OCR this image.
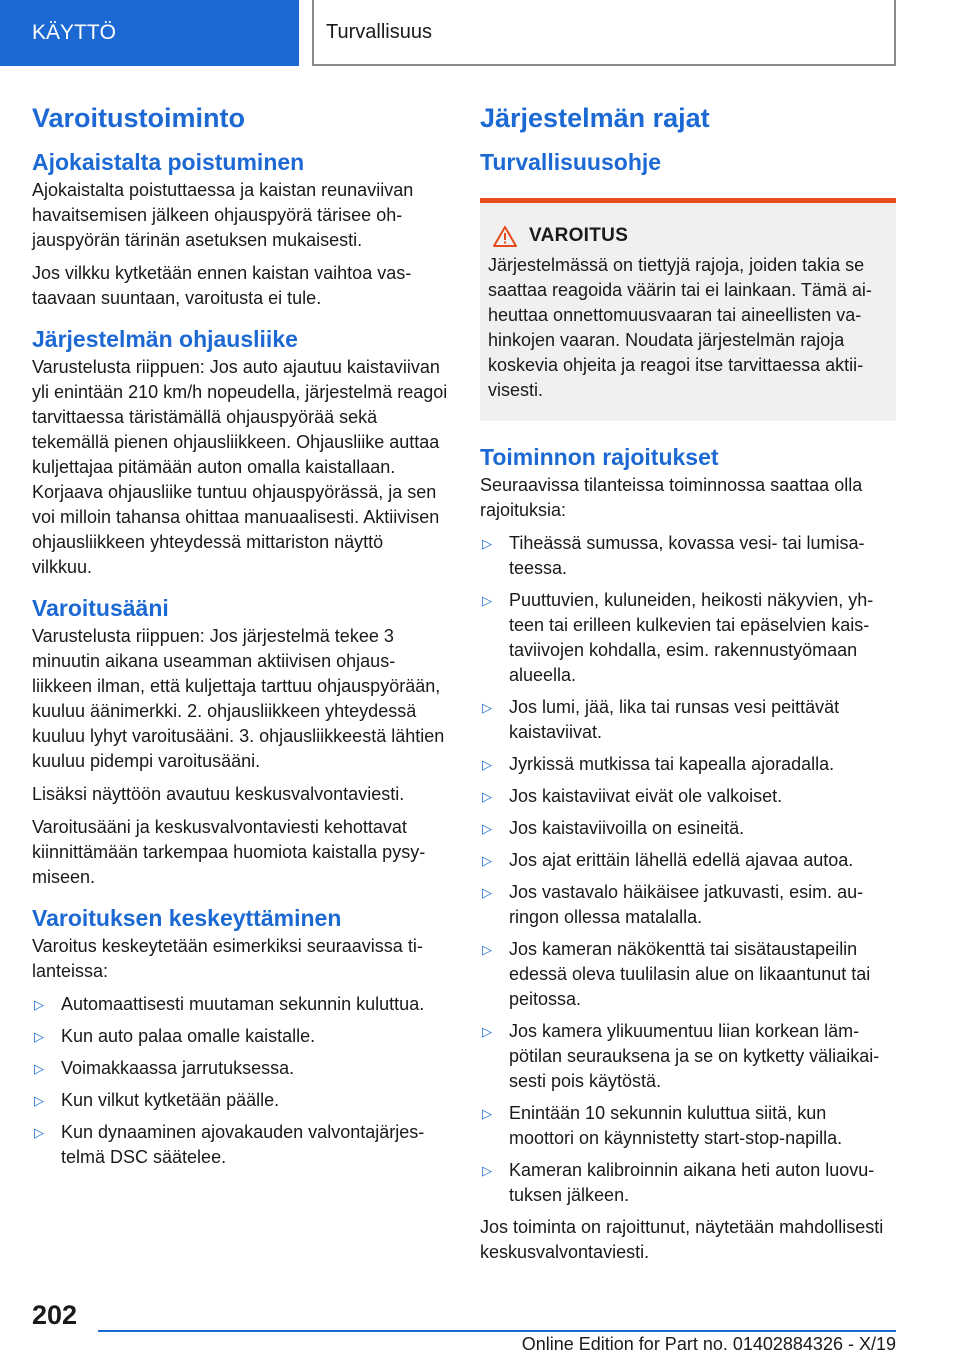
KÄYTTÖ	Turvallisuus
Varoitustoiminto
Ajokaistalta poistuminen

Ajokaistalta poistuttaessa ja kaistan reunaviivan havaitsemisen jälkeen ohjauspyörä tärisee ohjauspyörän tärinän asetuksen mukaisesti.

Jos vilkku kytketään ennen kaistan vaihtoa vastaavaan suuntaan, varoitusta ei tule.

Järjestelmän ohjausliike

Varustelusta riippuen: Jos auto ajautuu kaistaviivan yli enintään 210 km/h nopeudella, järjestelmä reagoi tarvittaessa täristämällä ohjauspyörää sekä tekemällä pienen ohjausliikkeen. Ohjausliike auttaa kuljettajaa pitämään auton omalla kaistallaan. Korjaava ohjausliike tuntuu ohjauspyörässä, ja sen voi milloin tahansa ohittaa manuaalisesti. Aktiivisen ohjausliikkeen yhteydessä mittariston näyttö vilkkuu.

Varoitusääni

Varustelusta riippuen: Jos järjestelmä tekee 3 minuutin aikana useamman aktiivisen ohjausliikkeen ilman, että kuljettaja tarttuu ohjauspyörään, kuuluu äänimerkki. 2. ohjausliikkeen yhteydessä kuuluu lyhyt varoitusääni. 3. ohjausliikkeestä lähtien kuuluu pidempi varoitusääni.

Lisäksi näyttöön avautuu keskusvalvontaviesti.

Varoitusääni ja keskusvalvontaviesti kehottavat kiinnittämään tarkempaa huomiota kaistalla pysymiseen.

Varoituksen keskeyttäminen

Varoitus keskeytetään esimerkiksi seuraavissa tilanteissa:

▷ Automaattisesti muutaman sekunnin kuluttua.
▷ Kun auto palaa omalle kaistalle.
▷ Voimakkaassa jarrutuksessa.
▷ Kun vilkut kytketään päälle.
▷ Kun dynaaminen ajovakauden valvontajärjestelmä DSC säätelee.
Järjestelmän rajat
Turvallisuusohje
VAROITUS

Järjestelmässä on tiettyjä rajoja, joiden takia se saattaa reagoida väärin tai ei lainkaan. Tämä aiheuttaa onnettomuusvaaran tai aineellisten vahinkojen vaaran. Noudata järjestelmän rajoja koskevia ohjeita ja reagoi itse tarvittaessa aktiivisesti.

Toiminnon rajoitukset

Seuraavissa tilanteissa toiminnossa saattaa olla rajoituksia:

▷ Tiheässä sumussa, kovassa vesi- tai lumisateessa.
▷ Puuttuvien, kuluneiden, heikosti näkyvien, yhteen tai erilleen kulkevien tai epäselvien kaistaviivojen kohdalla, esim. rakennustyömaan alueella.
▷ Jos lumi, jää, lika tai runsas vesi peittävät kaistaviivat.
▷ Jyrkissä mutkissa tai kapealla ajoradalla.
▷ Jos kaistaviivat eivät ole valkoiset.
▷ Jos kaistaviivoilla on esineitä.
▷ Jos ajat erittäin lähellä edellä ajavaa autoa.
▷ Jos vastavalo häikäisee jatkuvasti, esim. auringon ollessa matalalla.
▷ Jos kameran näkökenttä tai sisätaustapeilin edessä oleva tuulilasin alue on likaantunut tai peitossa.
▷ Jos kamera ylikuumentuu liian korkean lämpötilan seurauksena ja se on kytketty väliaikaisesti pois käytöstä.
▷ Enintään 10 sekunnin kuluttua siitä, kun moottori on käynnistetty start-stop-napilla.
▷ Kameran kalibroinnin aikana heti auton luovutuksen jälkeen.

Jos toiminta on rajoittunut, näytetään mahdollisesti keskusvalvontaviesti.

202
Online Edition for Part no. 01402884326 - X/19
